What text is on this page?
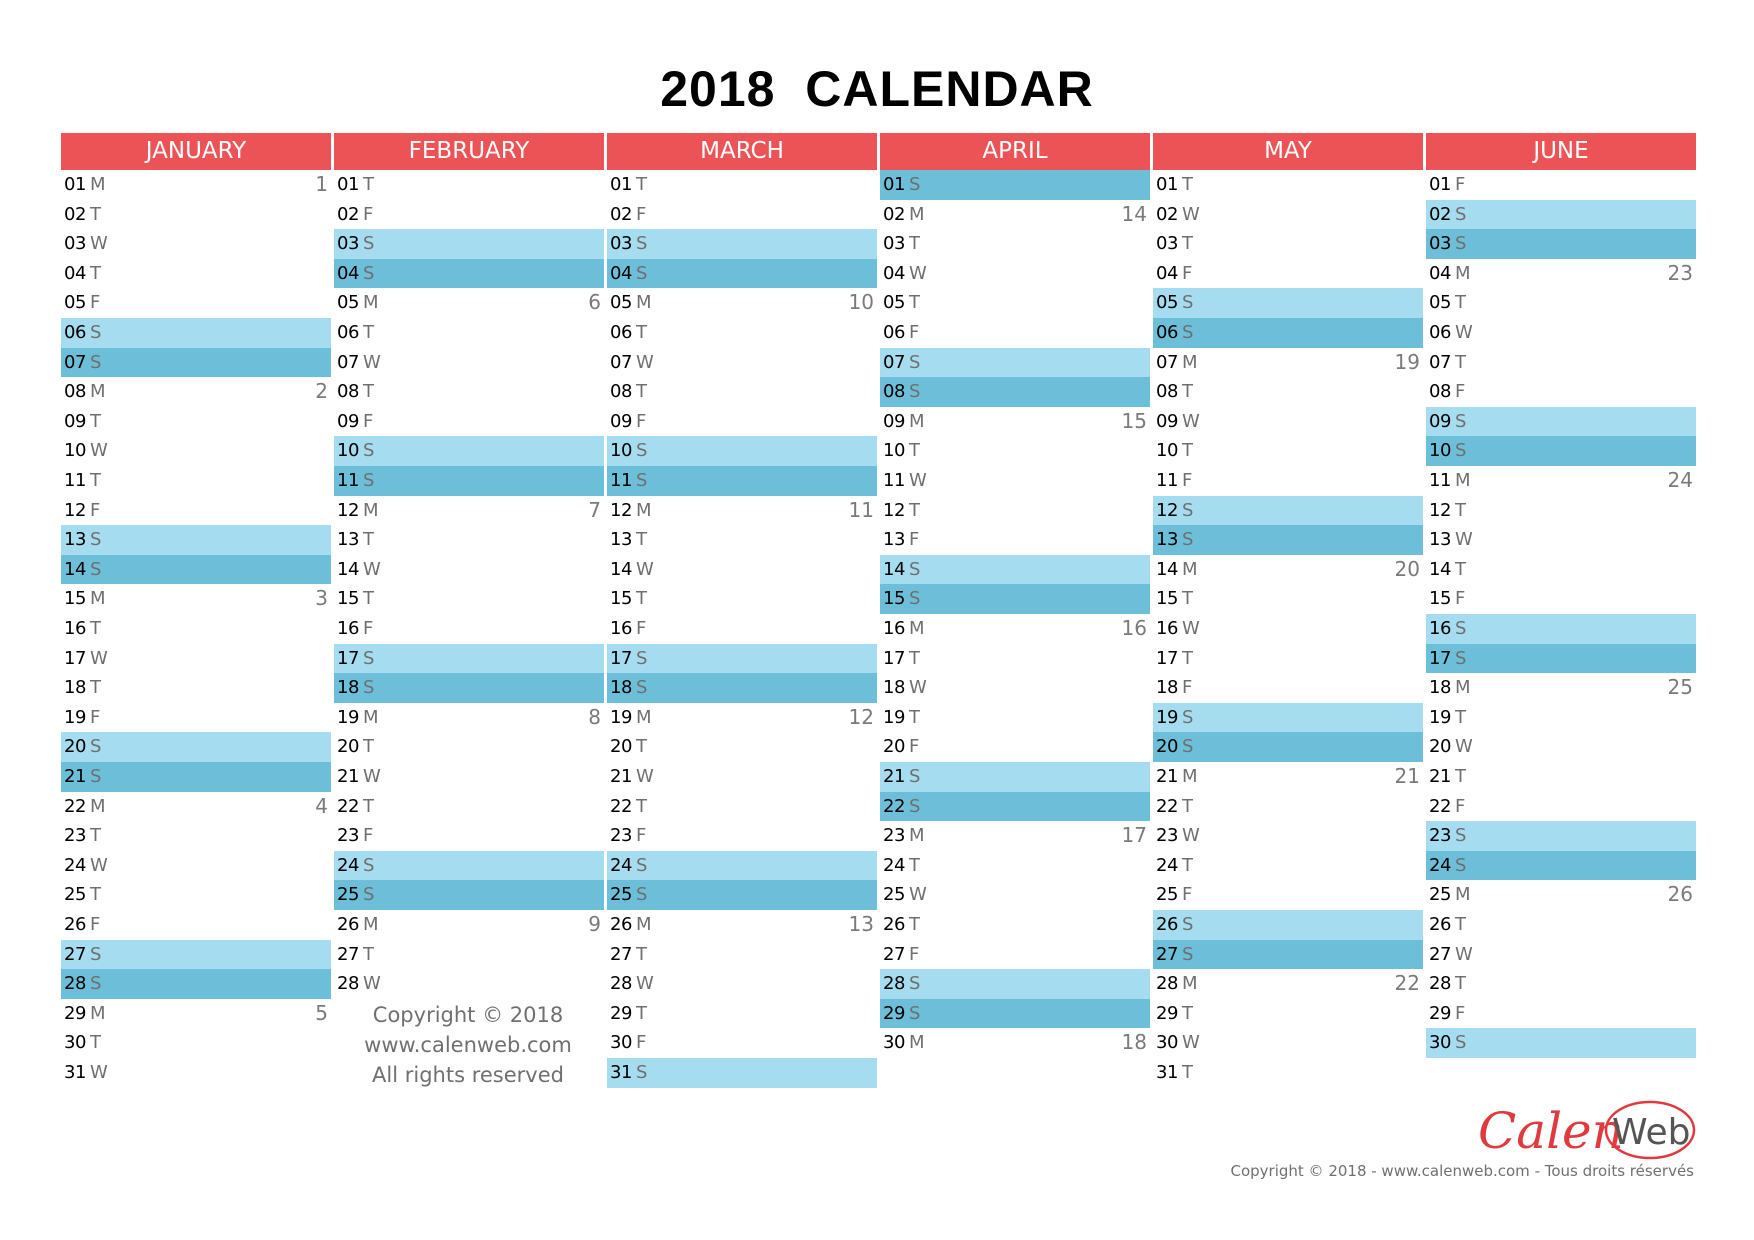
2018  CALENDAR
JANUARY
01 M	1
02 T
03 W
04 T
05 F
06 S
07 S
08 M	2
09 T
10 W
11 T
12 F
13 S
14 S
15 M	3
16 T
17 W
18 T
19 F
20 S
21 S
22 M	4
23 T
24 W
25 T
26 F
27 S
28 S
29 M	5
30 T
31 W
FEBRUARY
01 T
02 F
03 S
04 S
05 M	6
06 T
07 W
08 T
09 F
10 S
11 S
12 M	7
13 T
14 W
15 T
16 F
17 S
18 S
19 M	8
20 T
21 W
22 T
23 F
24 S
25 S
26 M	9
27 T
28 W
MARCH
01 T
02 F
03 S
04 S
05 M	10
06 T
07 W
08 T
09 F
10 S
11 S
12 M	11
13 T
14 W
15 T
16 F
17 S
18 S
19 M	12
20 T
21 W
22 T
23 F
24 S
25 S
26 M	13
27 T
28 W
29 T
30 F
31 S
APRIL
01 S
02 M	14
03 T
04 W
05 T
06 F
07 S
08 S
09 M	15
10 T
11 W
12 T
13 F
14 S
15 S
16 M	16
17 T
18 W
19 T
20 F
21 S
22 S
23 M	17
24 T
25 W
26 T
27 F
28 S
29 S
30 M	18
MAY
01 T
02 W
03 T
04 F
05 S
06 S
07 M	19
08 T
09 W
10 T
11 F
12 S
13 S
14 M	20
15 T
16 W
17 T
18 F
19 S
20 S
21 M	21
22 T
23 W
24 T
25 F
26 S
27 S
28 M	22
29 T
30 W
31 T
JUNE
01 F
02 S
03 S
04 M	23
05 T
06 W
07 T
08 F
09 S
10 S
11 M	24
12 T
13 W
14 T
15 F
16 S
17 S
18 M	25
19 T
20 W
21 T
22 F
23 S
24 S
25 M	26
26 T
27 W
28 T
29 F
30 S
Copyright © 2018
www.calenweb.com
All rights reserved
Calen
Web
Copyright © 2018 - www.calenweb.com - Tous droits réservés
